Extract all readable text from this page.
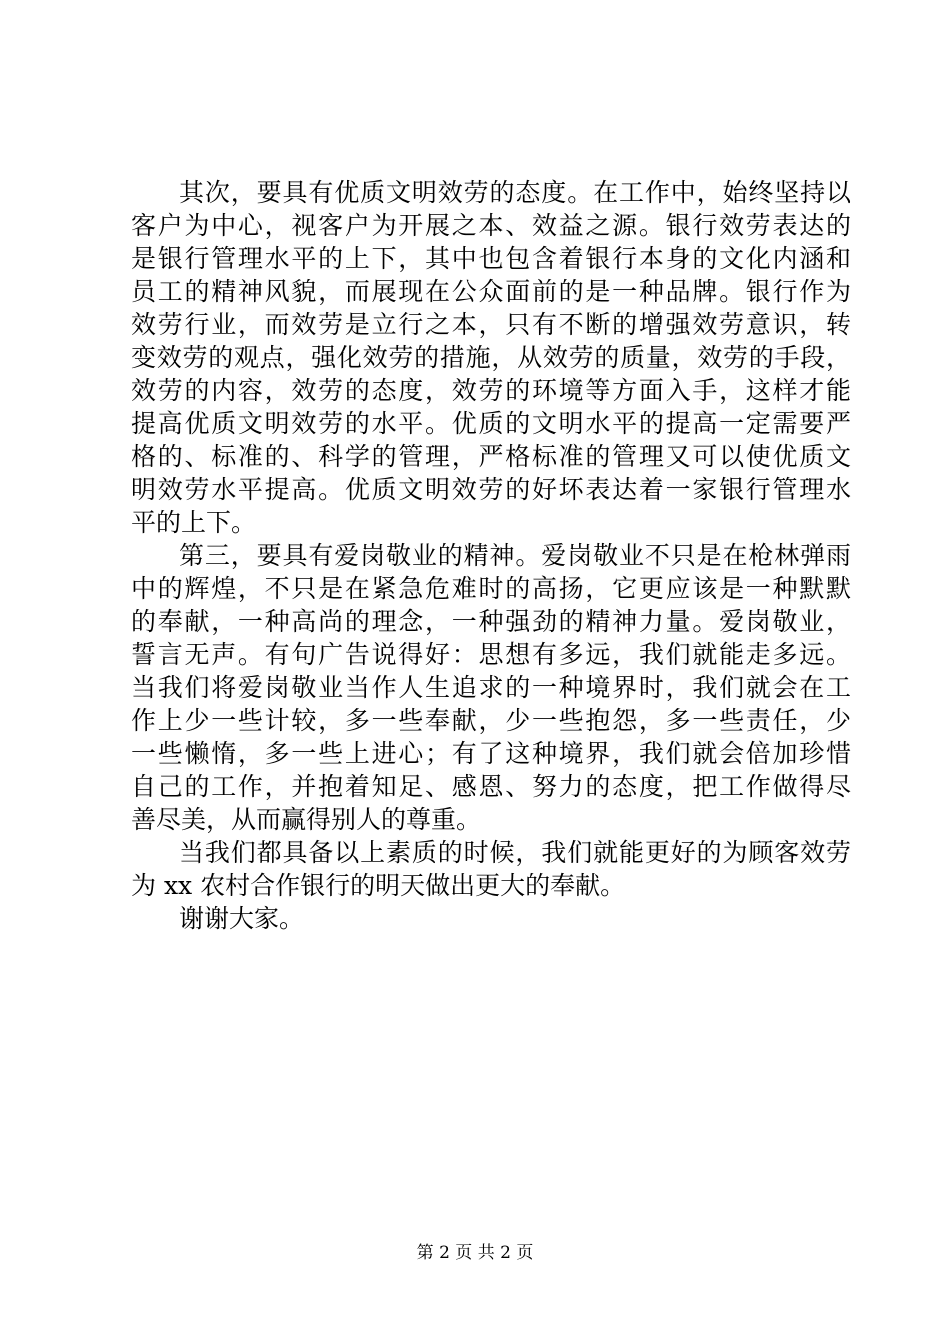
其次，要具有优质文明效劳的态度。在工作中，始终坚持以
客户为中心，视客户为开展之本、效益之源。银行效劳表达的
是银行管理水平的上下，其中也包含着银行本身的文化内涵和
员工的精神风貌，而展现在公众面前的是一种品牌。银行作为
效劳行业，而效劳是立行之本，只有不断的增强效劳意识，转
变效劳的观点，强化效劳的措施，从效劳的质量，效劳的手段，
效劳的内容，效劳的态度，效劳的环境等方面入手，这样才能
提高优质文明效劳的水平。优质的文明水平的提高一定需要严
格的、标准的、科学的管理，严格标准的管理又可以使优质文
明效劳水平提高。优质文明效劳的好坏表达着一家银行管理水
平的上下。
第三，要具有爱岗敬业的精神。爱岗敬业不只是在枪林弹雨
中的辉煌，不只是在紧急危难时的高扬，它更应该是一种默默
的奉献，一种高尚的理念，一种强劲的精神力量。爱岗敬业，
誓言无声。有句广告说得好：思想有多远，我们就能走多远。
当我们将爱岗敬业当作人生追求的一种境界时，我们就会在工
作上少一些计较，多一些奉献，少一些抱怨，多一些责任，少
一些懒惰，多一些上进心；有了这种境界，我们就会倍加珍惜
自己的工作，并抱着知足、感恩、努力的态度，把工作做得尽
善尽美，从而赢得别人的尊重。
当我们都具备以上素质的时候，我们就能更好的为顾客效劳
为 xx 农村合作银行的明天做出更大的奉献。
谢谢大家。
第 2 页 共 2 页
